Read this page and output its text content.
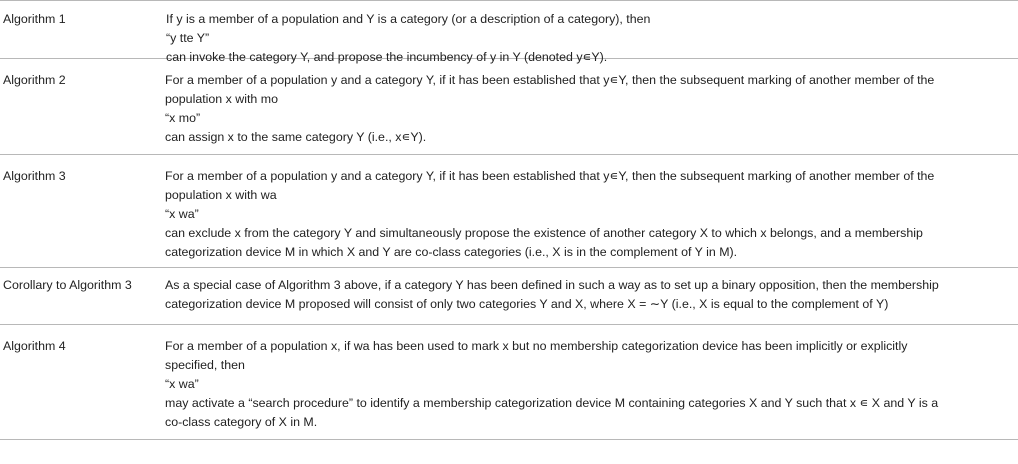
Algorithm 1	If y is a member of a population and Y is a category (or a description of a category), then
“y tte Y”
can invoke the category Y, and propose the incumbency of y in Y (denoted y∊Y).
Algorithm 2	For a member of a population y and a category Y, if it has been established that y∊Y, then the subsequent marking of another member of the
population x with mo
“x mo”
can assign x to the same category Y (i.e., x∊Y).
Algorithm 3	For a member of a population y and a category Y, if it has been established that y∊Y, then the subsequent marking of another member of the
population x with wa
“x wa”
can exclude x from the category Y and simultaneously propose the existence of another category X to which x belongs, and a membership
categorization device M in which X and Y are co-class categories (i.e., X is in the complement of Y in M).
Corollary to Algorithm 3	As a special case of Algorithm 3 above, if a category Y has been defined in such a way as to set up a binary opposition, then the membership
categorization device M proposed will consist of only two categories Y and X, where X = ∼Y (i.e., X is equal to the complement of Y)
Algorithm 4	For a member of a population x, if wa has been used to mark x but no membership categorization device has been implicitly or explicitly
specified, then
“x wa”
may activate a “search procedure” to identify a membership categorization device M containing categories X and Y such that x ∊ X and Y is a
co-class category of X in M.
